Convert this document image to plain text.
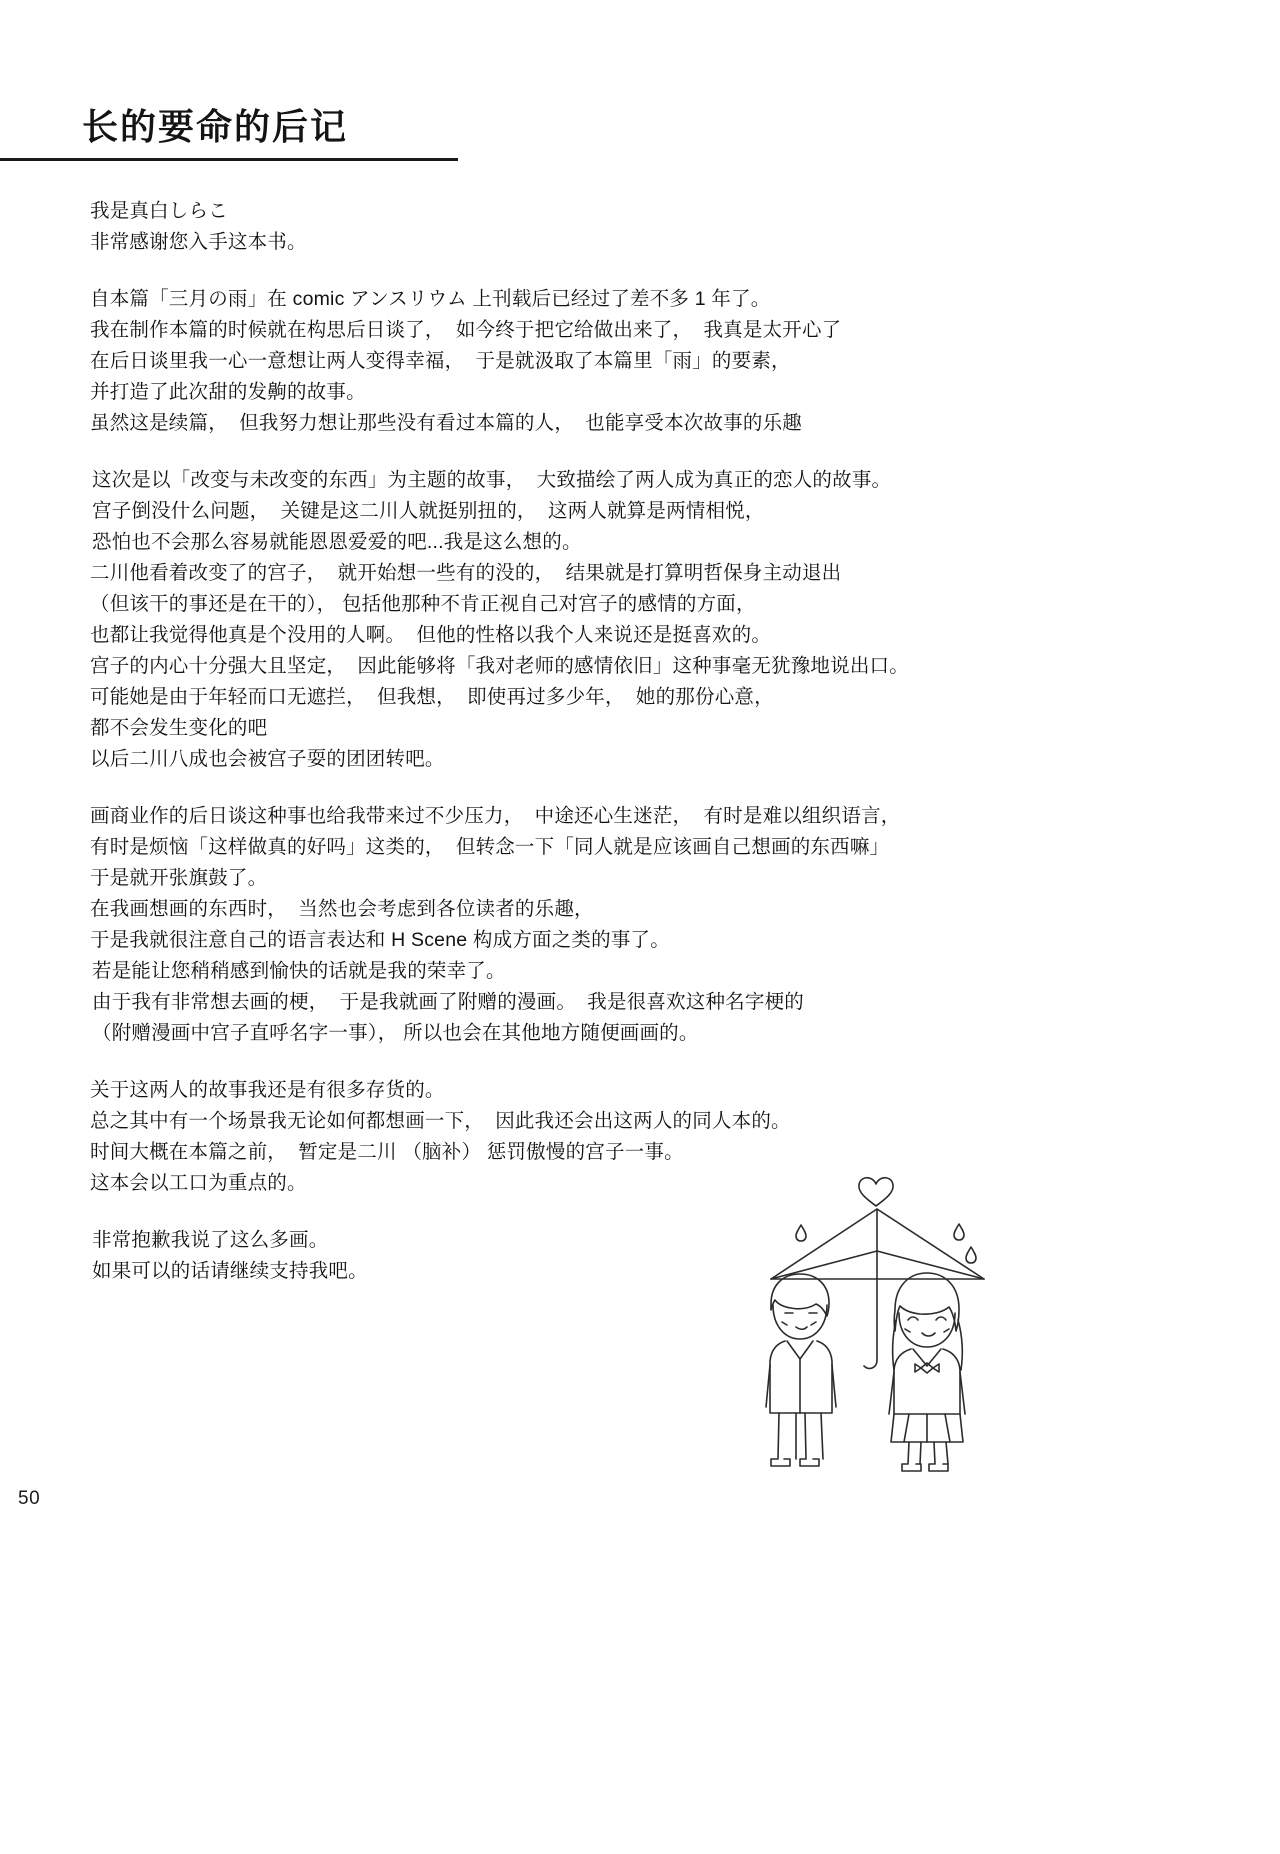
长的要命的后记
我是真白しらこ
非常感谢您入手这本书。
自本篇「三月の雨」在 comic アンスリウム 上刊载后已经过了差不多 1 年了。
我在制作本篇的时候就在构思后日谈了，  如今终于把它给做出来了，  我真是太开心了
在后日谈里我一心一意想让两人变得幸福，  于是就汲取了本篇里「雨」的要素，
并打造了此次甜的发齁的故事。
虽然这是续篇，  但我努力想让那些没有看过本篇的人，  也能享受本次故事的乐趣
这次是以「改变与未改变的东西」为主题的故事，  大致描绘了两人成为真正的恋人的故事。
宫子倒没什么问题，  关键是这二川人就挺别扭的，  这两人就算是两情相悦，
恐怕也不会那么容易就能恩恩爱爱的吧...我是这么想的。
二川他看着改变了的宫子，  就开始想一些有的没的，  结果就是打算明哲保身主动退出
（但该干的事还是在干的）， 包括他那种不肯正视自己对宫子的感情的方面，
也都让我觉得他真是个没用的人啊。  但他的性格以我个人来说还是挺喜欢的。
宫子的内心十分强大且坚定，  因此能够将「我对老师的感情依旧」这种事毫无犹豫地说出口。
可能她是由于年轻而口无遮拦，  但我想，  即使再过多少年，  她的那份心意，
都不会发生变化的吧
以后二川八成也会被宫子耍的团团转吧。
画商业作的后日谈这种事也给我带来过不少压力，  中途还心生迷茫，  有时是难以组织语言，
有时是烦恼「这样做真的好吗」这类的，  但转念一下「同人就是应该画自己想画的东西嘛」
于是就开张旗鼓了。
在我画想画的东西时，  当然也会考虑到各位读者的乐趣，
于是我就很注意自己的语言表达和 H Scene 构成方面之类的事了。
若是能让您稍稍感到愉快的话就是我的荣幸了。
由于我有非常想去画的梗，  于是我就画了附赠的漫画。  我是很喜欢这种名字梗的
（附赠漫画中宫子直呼名字一事）， 所以也会在其他地方随便画画的。
关于这两人的故事我还是有很多存货的。
总之其中有一个场景我无论如何都想画一下，  因此我还会出这两人的同人本的。
时间大概在本篇之前，  暂定是二川 （脑补） 惩罚傲慢的宫子一事。
这本会以工口为重点的。
非常抱歉我说了这么多画。
如果可以的话请继续支持我吧。
50
